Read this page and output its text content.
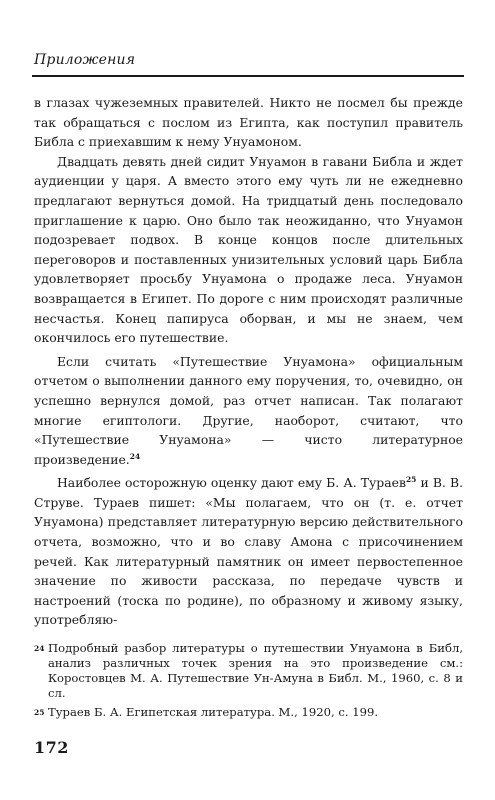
Приложения

в глазах чужеземных правителей. Никто не посмел бы прежде так обращаться с послом из Египта, как поступил правитель Библа с приехавшим к нему Унуамоном.

Двадцать девять дней сидит Унуамон в гавани Библа и ждет аудиенции у царя. А вместо этого ему чуть ли не ежедневно предлагают вернуться домой. На тридцатый день последовало приглашение к царю. Оно было так неожиданно, что Унуамон подозревает подвох. В конце концов после длительных переговоров и поставленных унизительных условий царь Библа удовлетворяет просьбу Унуамона о продаже леса. Унуамон возвращается в Египет. По дороге с ним происходят различные несчастья. Конец папируса оборван, и мы не знаем, чем окончилось его путешествие.

Если считать «Путешествие Унуамона» официальным отчетом о выполнении данного ему поручения, то, очевидно, он успешно вернулся домой, раз отчет написан. Так полагают многие египтологи. Другие, наоборот, считают, что «Путешествие Унуамона» — чисто литературное произведение.$^{24}$

Наиболее осторожную оценку дают ему Б. А. Тураев$^{25}$ и В. В. Струве. Тураев пишет: «Мы полагаем, что он (т. е. отчет Унуамона) представляет литературную версию действительного отчета, возможно, что и во славу Амона с присочинением речей. Как литературный памятник он имеет первостепенное значение по живости рассказа, по передаче чувств и настроений (тоска по родине), по образному и живому языку, употребляю-

24 Подробный разбор литературы о путешествии Унуамона в Библ, анализ различных точек зрения на это произведение см.: Коростовцев М. А. Путешествие Ун-Амуна в Библ. М., 1960, с. 8 и сл.
25 Тураев Б. А. Египетская литература. М., 1920, с. 199.
172
